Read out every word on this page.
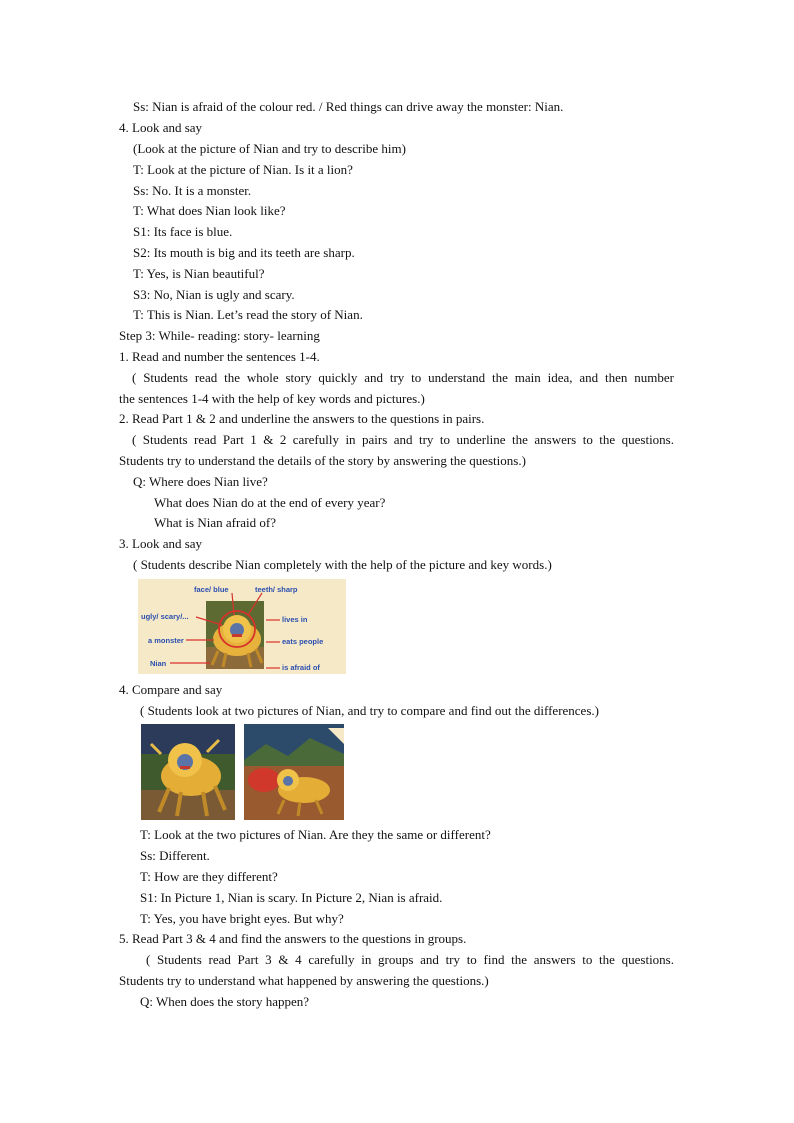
Ss: Nian is afraid of the colour red. / Red things can drive away the monster: Nian.
4. Look and say
(Look at the picture of Nian and try to describe him)
T: Look at the picture of Nian. Is it a lion?
Ss: No. It is a monster.
T: What does Nian look like?
S1: Its face is blue.
S2: Its mouth is big and its teeth are sharp.
T: Yes, is Nian beautiful?
S3: No, Nian is ugly and scary.
T: This is Nian. Let’s read the story of Nian.
Step 3: While- reading: story- learning
1. Read and number the sentences 1-4.
( Students read the whole story quickly and try to understand the main idea, and then number
the sentences 1-4 with the help of key words and pictures.)
2. Read Part 1 & 2 and underline the answers to the questions in pairs.
( Students read Part 1 & 2 carefully in pairs and try to underline the answers to the questions.
Students try to understand the details of the story by answering the questions.)
Q: Where does Nian live?
What does Nian do at the end of every year?
What is Nian afraid of?
3. Look and say
( Students describe Nian completely with the help of the picture and key words.)
face/ blue	teeth/ sharp
ugly/ scary/...	lives in
a monster	eats people
Nian	is afraid of
4. Compare and say
( Students look at two pictures of Nian, and try to compare and find out the differences.)
T: Look at the two pictures of Nian. Are they the same or different?
Ss: Different.
T: How are they different?
S1: In Picture 1, Nian is scary. In Picture 2, Nian is afraid.
T: Yes, you have bright eyes. But why?
5. Read Part 3 & 4 and find the answers to the questions in groups.
( Students read Part 3 & 4 carefully in groups and try to find the answers to the questions.
Students try to understand what happened by answering the questions.)
Q: When does the story happen?
